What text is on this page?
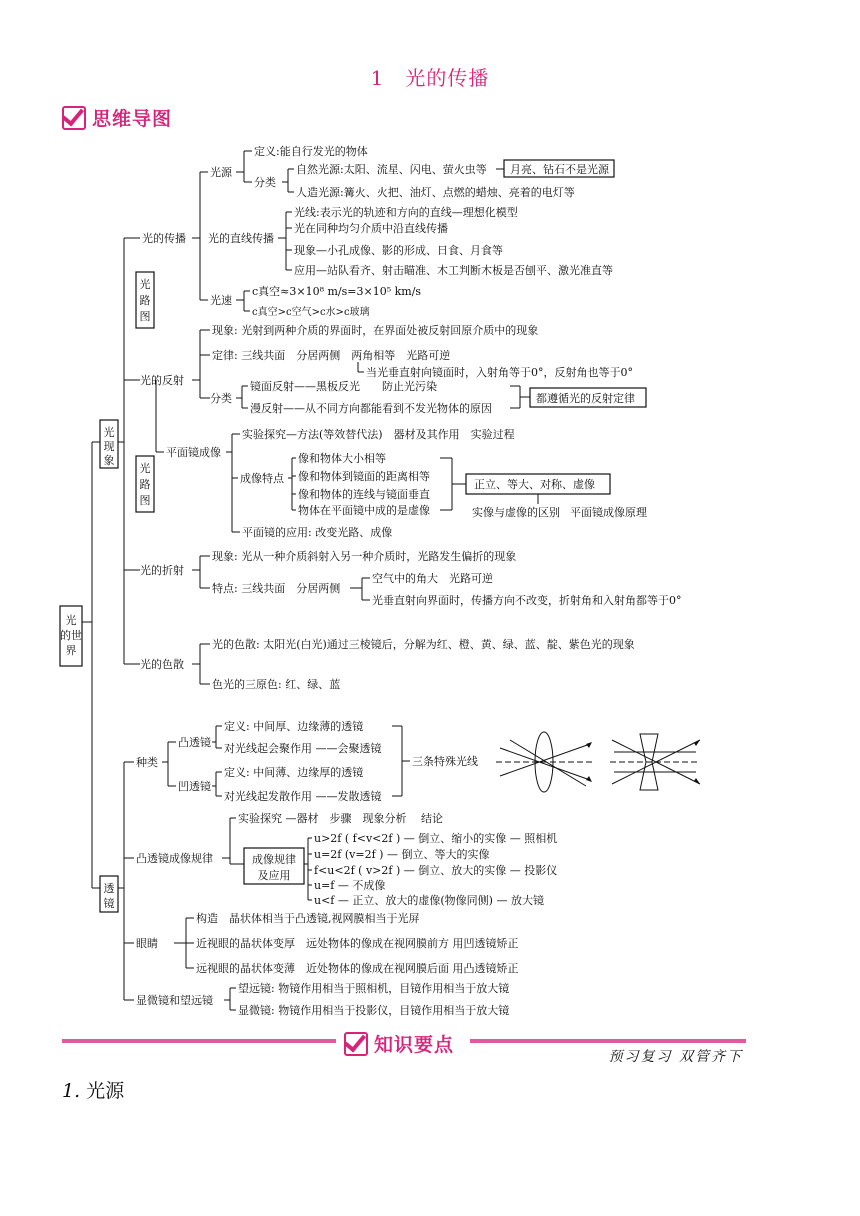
1　光的传播
思维导图
光
的世
界
光
现
象
透
镜
光
路
图
光
路
图
光的传播
光源
定义:能自行发光的物体
分类
自然光源:太阳、流星、闪电、萤火虫等 月亮、钻石不是光源
人造光源:篝火、火把、油灯、点燃的蜡烛、亮着的电灯等
光的直线传播
光线:表示光的轨迹和方向的直线—理想化模型
光在同种均匀介质中沿直线传播
现象—小孔成像、影的形成、日食、月食等
应用—站队看齐、射击瞄准、木工判断木板是否刨平、激光准直等
光速
c真空≈3×10⁸ m/s=3×10⁵ km/s
c真空>c空气>c水>c玻璃
光的反射
现象: 光射到两种介质的界面时，在界面处被反射回原介质中的现象
定律: 三线共面　分居两侧　两角相等　光路可逆
当光垂直射向镜面时，入射角等于0°，反射角也等于0°
分类
镜面反射——黑板反光　　防止光污染
漫反射——从不同方向都能看到不发光物体的原因
都遵循光的反射定律
平面镜成像
实验探究—方法(等效替代法)　器材及其作用　实验过程
成像特点
像和物体大小相等
像和物体到镜面的距离相等
像和物体的连线与镜面垂直
物体在平面镜中成的是虚像
正立、等大、对称、虚像
实像与虚像的区别 平面镜成像原理
平面镜的应用: 改变光路、成像
光的折射
现象: 光从一种介质斜射入另一种介质时，光路发生偏折的现象
特点: 三线共面　分居两侧
空气中的角大　光路可逆
光垂直射向界面时，传播方向不改变，折射角和入射角都等于0°
光的色散
光的色散: 太阳光(白光)通过三棱镜后，分解为红、橙、黄、绿、蓝、靛、紫色光的现象
色光的三原色: 红、绿、蓝
种类
凸透镜
定义: 中间厚、边缘薄的透镜
对光线起会聚作用 ——会聚透镜
凹透镜
定义: 中间薄、边缘厚的透镜
对光线起发散作用 ——发散透镜
三条特殊光线
凸透镜成像规律
实验探究 —器材　步骤　现象分析　 结论
成像规律
及应用
u>2f ( f<v<2f ) — 倒立、缩小的实像 — 照相机
u=2f (v=2f ) — 倒立、等大的实像
f<u<2f ( v>2f ) — 倒立、放大的实像 — 投影仪
u=f — 不成像
u<f — 正立、放大的虚像(物像同侧) — 放大镜
眼睛
构造　晶状体相当于凸透镜,视网膜相当于光屏
近视眼的晶状体变厚　远处物体的像成在视网膜前方 用凹透镜矫正
远视眼的晶状体变薄　近处物体的像成在视网膜后面 用凸透镜矫正
显微镜和望远镜
望远镜: 物镜作用相当于照相机，目镜作用相当于放大镜
显微镜: 物镜作用相当于投影仪，目镜作用相当于放大镜
知识要点
预习复习 双管齐下
1. 光源
